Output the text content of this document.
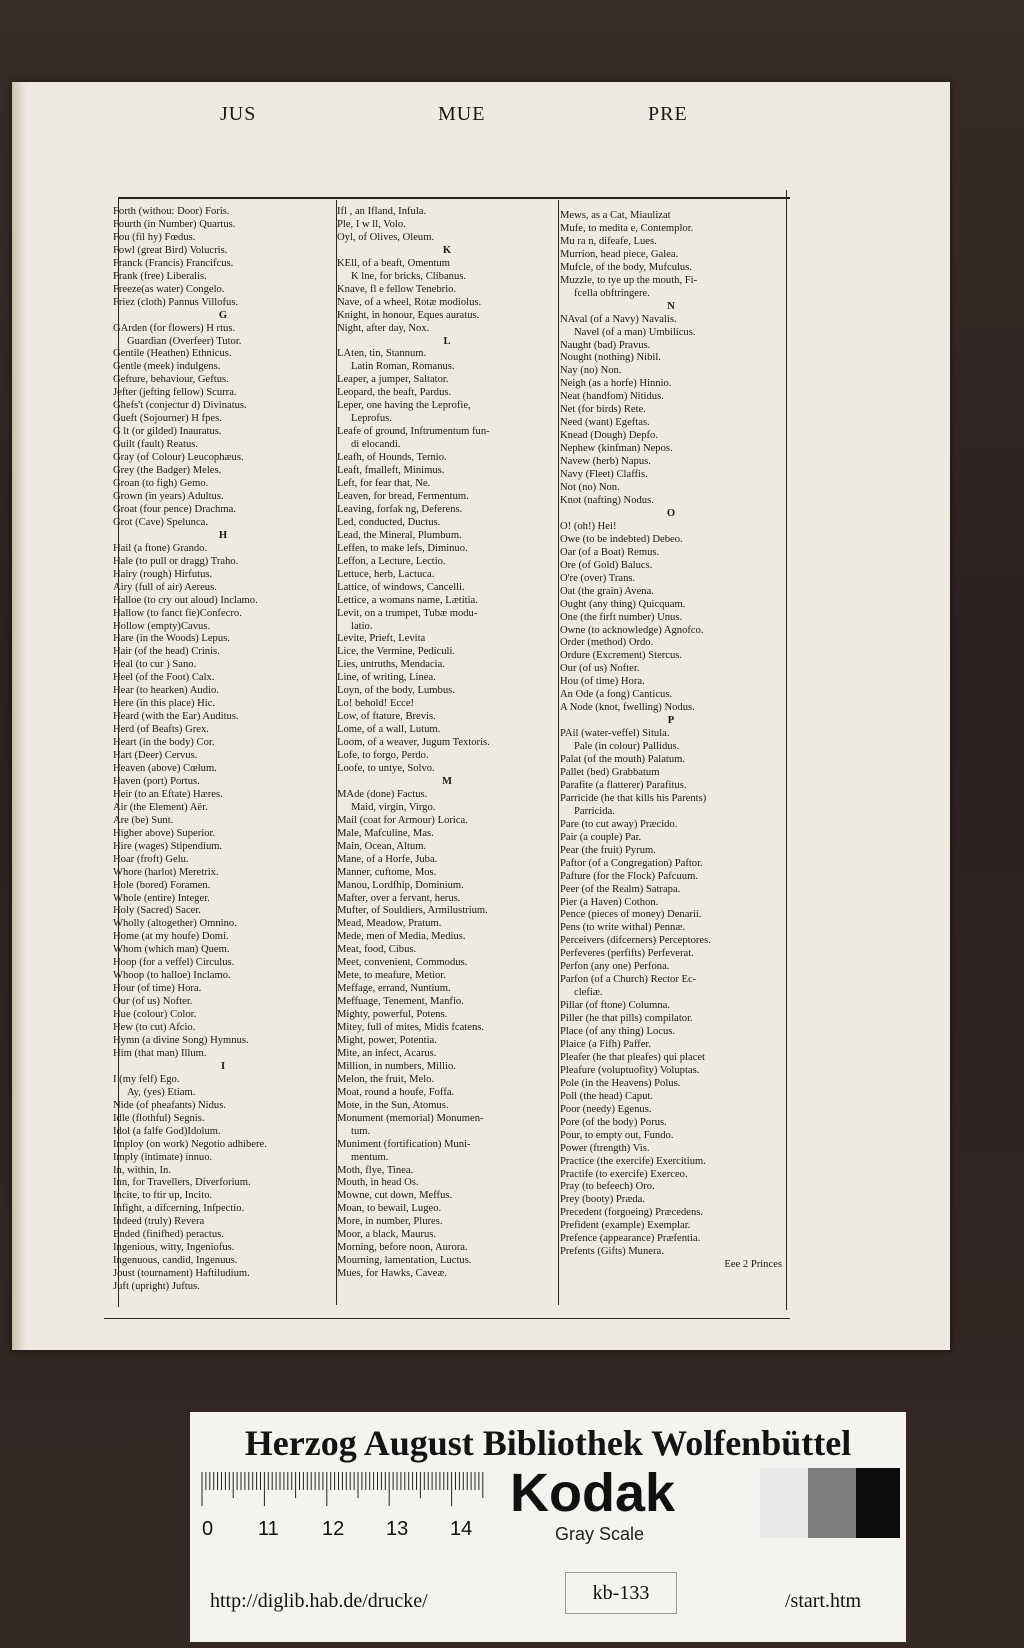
JUS	MUE	PRE
Forth (withou: Door) Foris.
Fourth (in Number) Quartus.
Fou (fil hy) Fœdus.
Fowl (great Bird) Volucris.
Franck (Francis) Francifcus.
Frank (free) Liberalis.
Freeze(as water) Congelo.
Friez (cloth) Pannus Villofus.
G
GArden (for flowers) H rtus.
Guardian (Overfeer) Tutor.
Gentile (Heathen) Ethnicus.
Gentle (meek) indulgens.
Gefture, behaviour, Geftus.
Jefter (jefting fellow) Scurra.
Ghefs't (conjectur d) Divinatus.
Gueft (Sojourner) H fpes.
G lt (or gilded) Inauratus.
Guilt (fault) Reatus.
Gray (of Colour) Leucophæus.
Grey (the Badger) Meles.
Groan (to figh) Gemo.
Grown (in years) Adultus.
Groat (four pence) Drachma.
Grot (Cave) Spelunca.
H
Hail (a ftone) Grando.
Hale (to pull or dragg) Traho.
Hairy (rough) Hirfutus.
Airy (full of air) Aereus.
Halloe (to cry out aloud) Inclamo.
Hallow (to fanct fie)Confecro.
Hollow (empty)Cavus.
Hare (in the Woods) Lepus.
Hair (of the head) Crinis.
Heal (to cur ) Sano.
Heel (of the Foot) Calx.
Hear (to hearken) Audio.
Here (in this place) Hic.
Heard (with the Ear) Auditus.
Herd (of Beafts) Grex.
Heart (in the body) Cor.
Hart (Deer) Cervus.
Heaven (above) Cœlum.
Haven (port) Portus.
Heir (to an Eftate) Hæres.
Air (the Element) Aër.
Are (be) Sunt.
Higher above) Superior.
Hire (wages) Stipendium.
Hoar (froft) Gelu.
Whore (harlot) Meretrix.
Hole (bored) Foramen.
Whole (entire) Integer.
Holy (Sacred) Sacer.
Wholly (altogether) Omnino.
Home (at my houfe) Domi.
Whom (which man) Quem.
Hoop (for a veffel) Circulus.
Whoop (to halloe) Inclamo.
Hour (of time) Hora.
Our (of us) Nofter.
Hue (colour) Color.
Hew (to cut) Afcio.
Hymn (a divine Song) Hymnus.
Him (that man) Illum.
I
I (my felf) Ego.
Ay, (yes) Etiam.
Nide (of pheafants) Nidus.
Idle (flothful) Segnis.
Idol (a falfe God)Idolum.
Imploy (on work) Negotio adhibere.
Imply (intimate) innuo.
In, within, In.
Inn, for Travellers, Diverforium.
Incite, to ftir up, Incito.
Infight, a difcerning, Infpectio.
Indeed (truly) Revera
Ended (finifhed) peractus.
Ingenious, witty, Ingeniofus.
Ingenuous, candid, Ingenuus.
Joust (tournament) Haftiludium.
Juft (upright) Juftus.
Ifl , an Ifland, Infula.
Ple, I w ll, Volo.
Oyl, of Olives, Oleum.
K
KEll, of a beaft, Omentum
K lne, for bricks, Clibanus.
Knave, fl e fellow Tenebrio.
Nave, of a wheel, Rotæ modiolus.
Knight, in honour, Eques auratus.
Night, after day, Nox.
L
LAten, tin, Stannum.
Latin Roman, Romanus.
Leaper, a jumper, Saltator.
Leopard, the beaft, Pardus.
Leper, one having the Leprofie,
Leprofus.
Leafe of ground, Inftrumentum fun-
di elocandi.
Leafh, of Hounds, Ternio.
Leaft, fmalleft, Minimus.
Left, for fear that, Ne.
Leaven, for bread, Fermentum.
Leaving, forfak ng, Deferens.
Led, conducted, Ductus.
Lead, the Mineral, Plumbum.
Leffen, to make lefs, Diminuo.
Leffon, a Lecture, Lectio.
Lettuce, herb, Lactuca.
Lattice, of windows, Cancelli.
Lettice, a womans name, Lætitia.
Levit, on a trumpet, Tubæ modu-
latio.
Levite, Prieft, Levita
Lice, the Vermine, Pediculi.
Lies, untruths, Mendacia.
Line, of writing, Linea.
Loyn, of the body, Lumbus.
Lo! behold! Ecce!
Low, of ftature, Brevis.
Lome, of a wall, Lutum.
Loom, of a weaver, Jugum Textoris.
Lofe, to forgo, Perdo.
Loofe, to untye, Solvo.
M
MAde (done) Factus.
Maid, virgin, Virgo.
Mail (coat for Armour) Lorica.
Male, Mafculine, Mas.
Main, Ocean, Altum.
Mane, of a Horfe, Juba.
Manner, cuftome, Mos.
Manou, Lordfhip, Dominium.
Mafter, over a fervant, herus.
Mufter, of Souldiers, Armilustrium.
Mead, Meadow, Pratum.
Mede, men of Media, Medius.
Meat, food, Cibus.
Meet, convenient, Commodus.
Mete, to meafure, Metior.
Meffage, errand, Nuntium.
Meffuage, Tenement, Manfio.
Mighty, powerful, Potens.
Mitey, full of mites, Midis fcatens.
Might, power, Potentia.
Mite, an infect, Acarus.
Million, in numbers, Millio.
Melon, the fruit, Melo.
Moat, round a houfe, Foffa.
Mote, in the Sun, Atomus.
Monument (memorial) Monumen-
tum.
Muniment (fortification) Muni-
mentum.
Moth, flye, Tinea.
Mouth, in head Os.
Mowne, cut down, Meffus.
Moan, to bewail, Lugeo.
More, in number, Plures.
Moor, a black, Maurus.
Morning, before noon, Aurora.
Mourning, lamentation, Luctus.
Mues, for Hawks, Caveæ.
Mews, as a Cat, Miaulizat
Mufe, to medita e, Contemplor.
Mu ra n, difeafe, Lues.
Murrion, head piece, Galea.
Mufcle, of the body, Mufculus.
Muzzle, to tye up the mouth, Fi-
fcella obftringere.
N
NAval (of a Navy) Navalis.
Navel (of a man) Umbilicus.
Naught (bad) Pravus.
Nought (nothing) Nibil.
Nay (no) Non.
Neigh (as a horfe) Hinnio.
Neat (handfom) Nitidus.
Net (for birds) Rete.
Need (want) Egeftas.
Knead (Dough) Depfo.
Nephew (kinfman) Nepos.
Navew (herb) Napus.
Navy (Fleet) Claffis.
Not (no) Non.
Knot (nafting) Nodus.
O
O! (oh!) Hei!
Owe (to be indebted) Debeo.
Oar (of a Boat) Remus.
Ore (of Gold) Balucs.
O're (over) Trans.
Oat (the grain) Avena.
Ought (any thing) Quicquam.
One (the firft number) Unus.
Owne (to acknowledge) Agnofco.
Order (method) Ordo.
Ordure (Excrement) Stercus.
Our (of us) Nofter.
Hou (of time) Hora.
An Ode (a fong) Canticus.
A Node (knot, fwelling) Nodus.
P
PAil (water-veffel) Situla.
Pale (in colour) Pallidus.
Palat (of the mouth) Palatum.
Pallet (bed) Grabbatum
Parafite (a flatterer) Parafitus.
Parricide (he that kills his Parents)
Parricida.
Pare (to cut away) Præcido.
Pair (a couple) Par.
Pear (the fruit) Pyrum.
Paftor (of a Congregation) Paftor.
Pafture (for the Flock) Pafcuum.
Peer (of the Realm) Satrapa.
Pier (a Haven) Cothon.
Pence (pieces of money) Denarii.
Pens (to write withal) Pennæ.
Perceivers (difcerners) Perceptores.
Perfeveres (perfifts) Perfeverat.
Perfon (any one) Perfona.
Parfon (of a Church) Rector Ec-
clefiæ.
Pillar (of ftone) Columna.
Piller (he that pills) compilator.
Place (of any thing) Locus.
Plaice (a Fifh) Paffer.
Pleafer (he that pleafes) qui placet
Pleafure (voluptuofity) Voluptas.
Pole (in the Heavens) Polus.
Poll (the head) Caput.
Poor (needy) Egenus.
Pore (of the body) Porus.
Pour, to empty out, Fundo.
Power (ftrength) Vis.
Practice (the exercife) Exercitium.
Practife (to exercife) Exerceo.
Pray (to befeech) Oro.
Prey (booty) Præda.
Precedent (forgoeing) Præcedens.
Prefident (example) Exemplar.
Prefence (appearance) Præfentia.
Prefents (Gifts) Munera.
Eee 2 Princes
Herzog August Bibliothek Wolfenbüttel
0 11 12 13 14
Kodak
Gray Scale
http://diglib.hab.de/drucke/	kb-133	/start.htm
